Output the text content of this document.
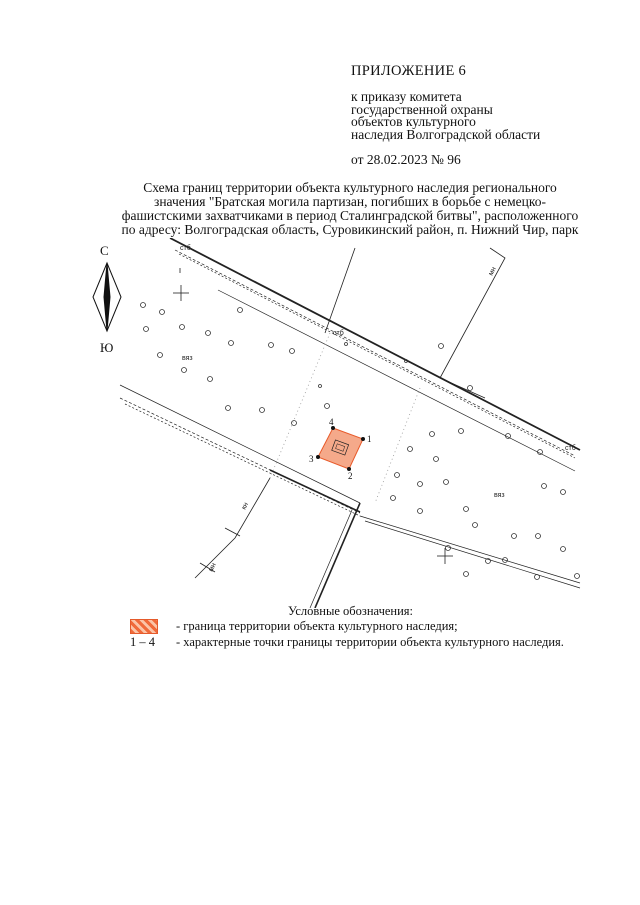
ПРИЛОЖЕНИЕ 6
к приказу комитета
государственной охраны
объектов культурного
наследия Волгоградской области
от 28.02.2023 № 96
Схема границ территории объекта культурного наследия регионального
значения "Братская могила партизан, погибших в борьбе с немецко-
фашистскими захватчиками в период Сталинградской битвы", расположенного
по адресу: Волгоградская область, Суровикинский район, п. Нижний Чир, парк
С
Ю
мн
мн
кн
стб
стб
стб
вяз
вяз
1
2
3
4
Условные обозначения:
- граница территории объекта культурного наследия;
1 – 4 - характерные точки границы территории объекта культурного наследия.
